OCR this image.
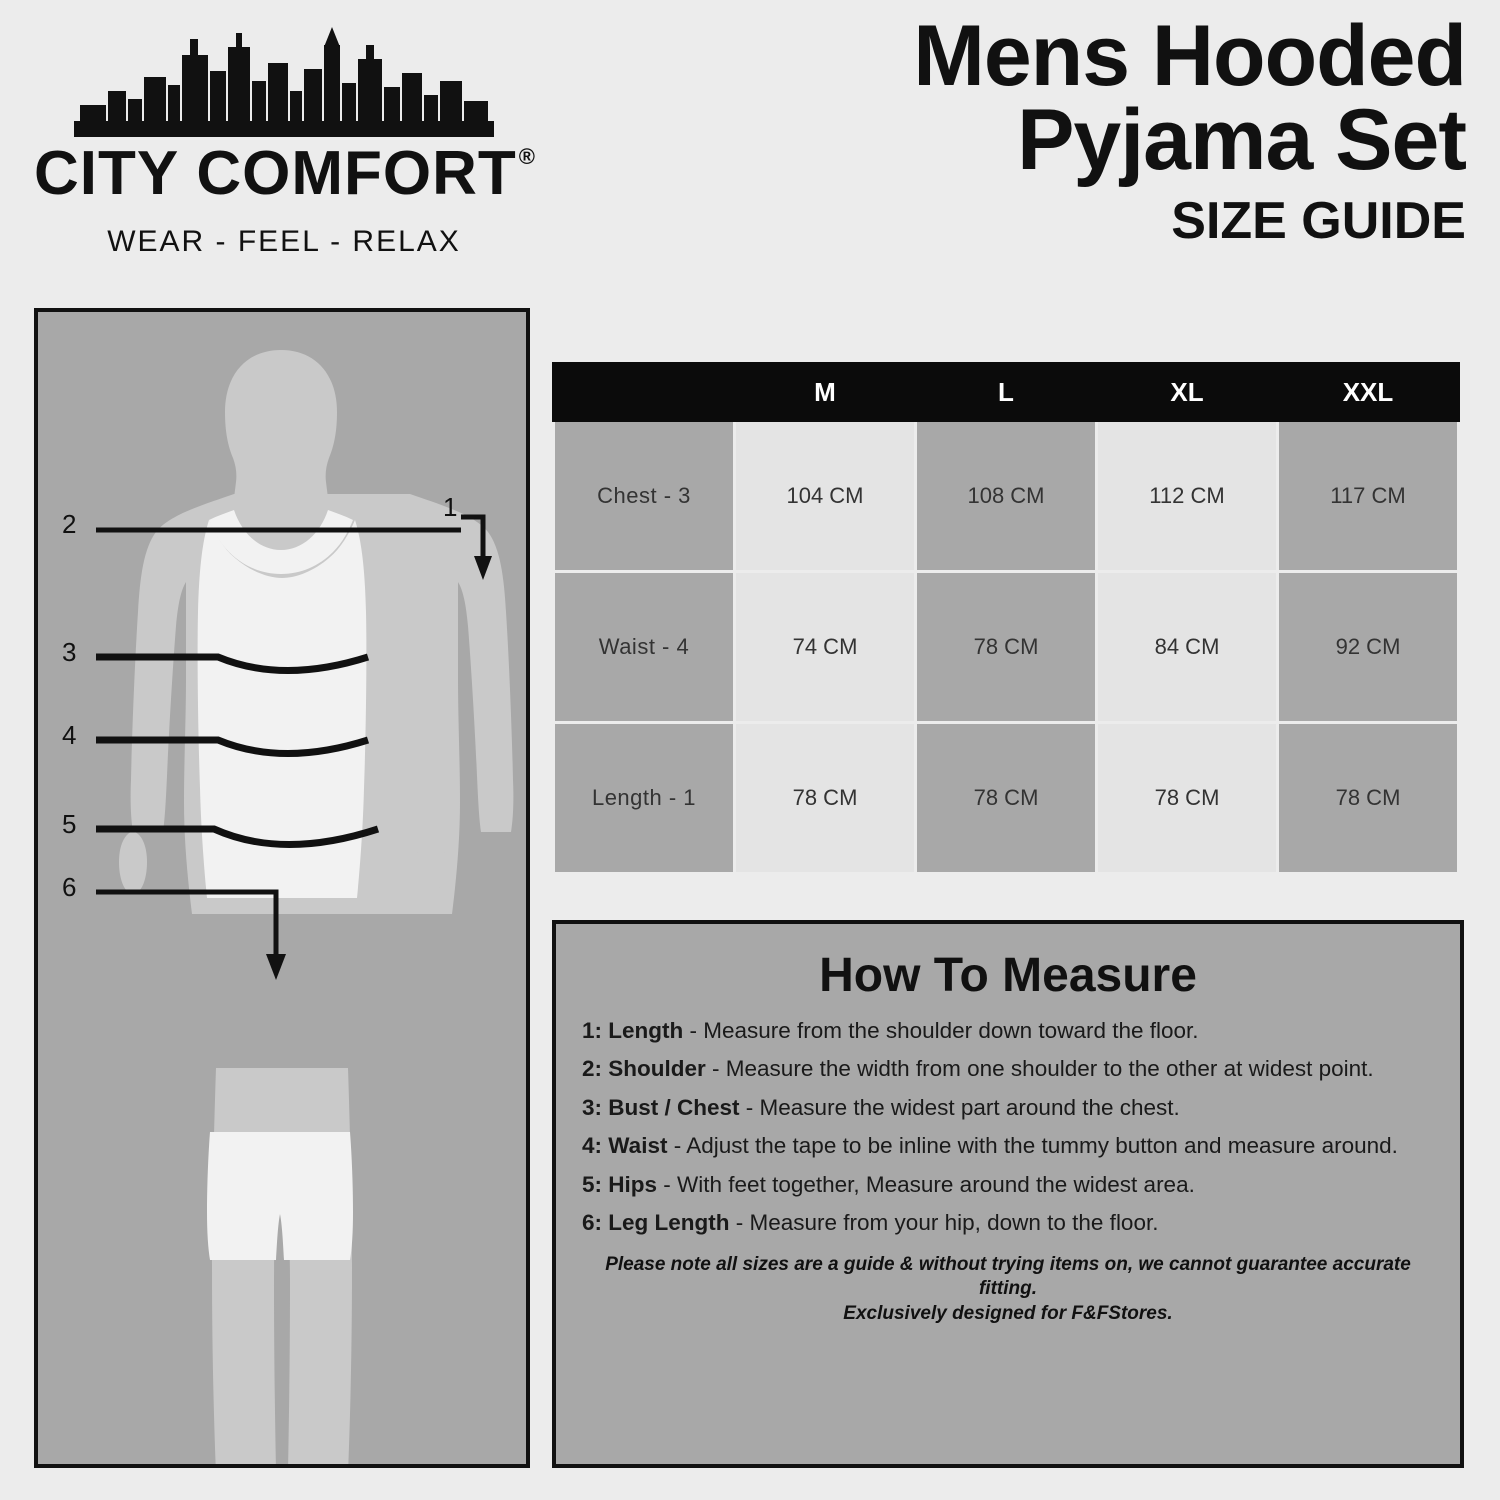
CITY COMFORT®
WEAR - FEEL - RELAX
Mens Hooded
Pyjama Set
SIZE GUIDE
2
1
3
4
5
6
	M	L	XL	XXL
Chest - 3	104 CM	108 CM	112 CM	117 CM
Waist - 4	74 CM	78 CM	84 CM	92 CM
Length - 1	78 CM	78 CM	78 CM	78 CM
How To Measure

1: Length - Measure from the shoulder down toward the floor.

2: Shoulder - Measure the width from one shoulder to the other at widest point.

3: Bust / Chest - Measure the widest part around the chest.

4: Waist - Adjust the tape to be inline with the tummy button and measure around.

5: Hips - With feet together, Measure around the widest area.

6: Leg Length - Measure from your hip, down to the floor.

Please note all sizes are a guide & without trying items on, we cannot guarantee accurate fitting.
Exclusively designed for F&FStores.
